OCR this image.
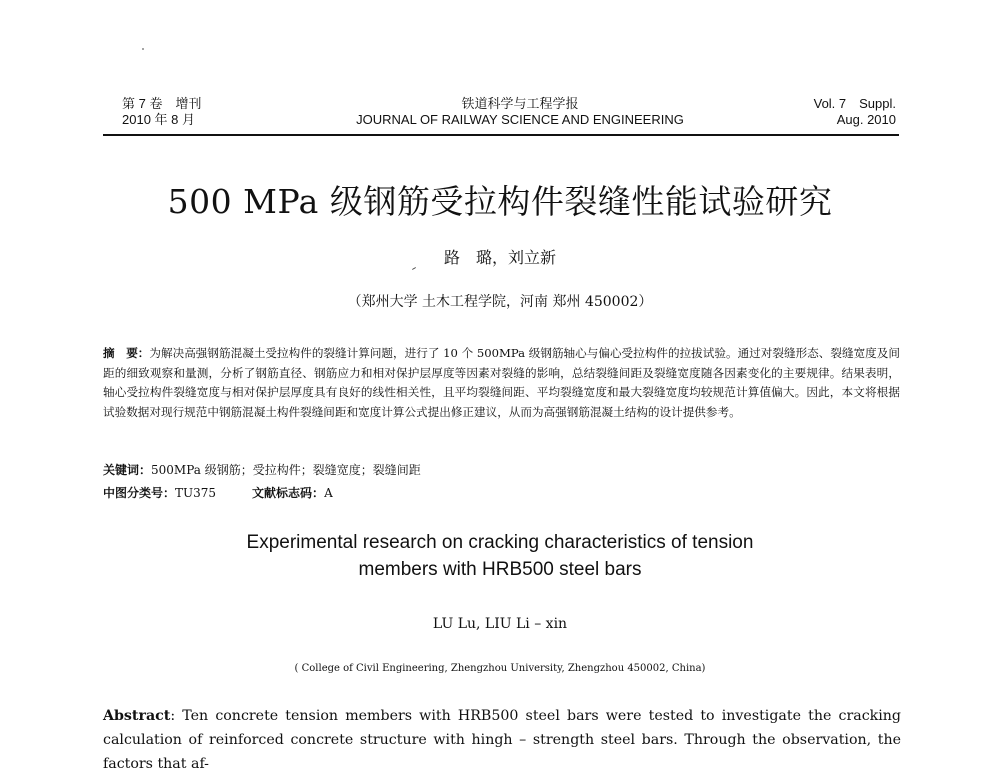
第 7 卷　增刊
2010 年 8 月
铁道科学与工程学报
JOURNAL OF RAILWAY SCIENCE AND ENGINEERING
Vol. 7　Suppl.
Aug. 2010
500 MPa 级钢筋受拉构件裂缝性能试验研究
路　璐，刘立新
（郑州大学 土木工程学院，河南 郑州 450002）
摘　要：为解决高强钢筋混凝土受拉构件的裂缝计算问题，进行了 10 个 500MPa 级钢筋轴心与偏心受拉构件的拉拔试验。通过对裂缝形态、裂缝宽度及间距的细致观察和量测，分析了钢筋直径、钢筋应力和相对保护层厚度等因素对裂缝的影响，总结裂缝间距及裂缝宽度随各因素变化的主要规律。结果表明，轴心受拉构件裂缝宽度与相对保护层厚度具有良好的线性相关性，且平均裂缝间距、平均裂缝宽度和最大裂缝宽度均较规范计算值偏大。因此，本文将根据试验数据对现行规范中钢筋混凝土构件裂缝间距和宽度计算公式提出修正建议，从而为高强钢筋混凝土结构的设计提供参考。
关键词：500MPa 级钢筋；受拉构件；裂缝宽度；裂缝间距
中图分类号：TU375	文献标志码：A
Experimental research on cracking characteristics of tension
members with HRB500 steel bars
LU Lu, LIU Li – xin
( College of Civil Engineering, Zhengzhou University, Zhengzhou 450002, China)
Abstract: Ten concrete tension members with HRB500 steel bars were tested to investigate the cracking calculation of reinforced concrete structure with hingh – strength steel bars. Through the observation, the factors that af-
